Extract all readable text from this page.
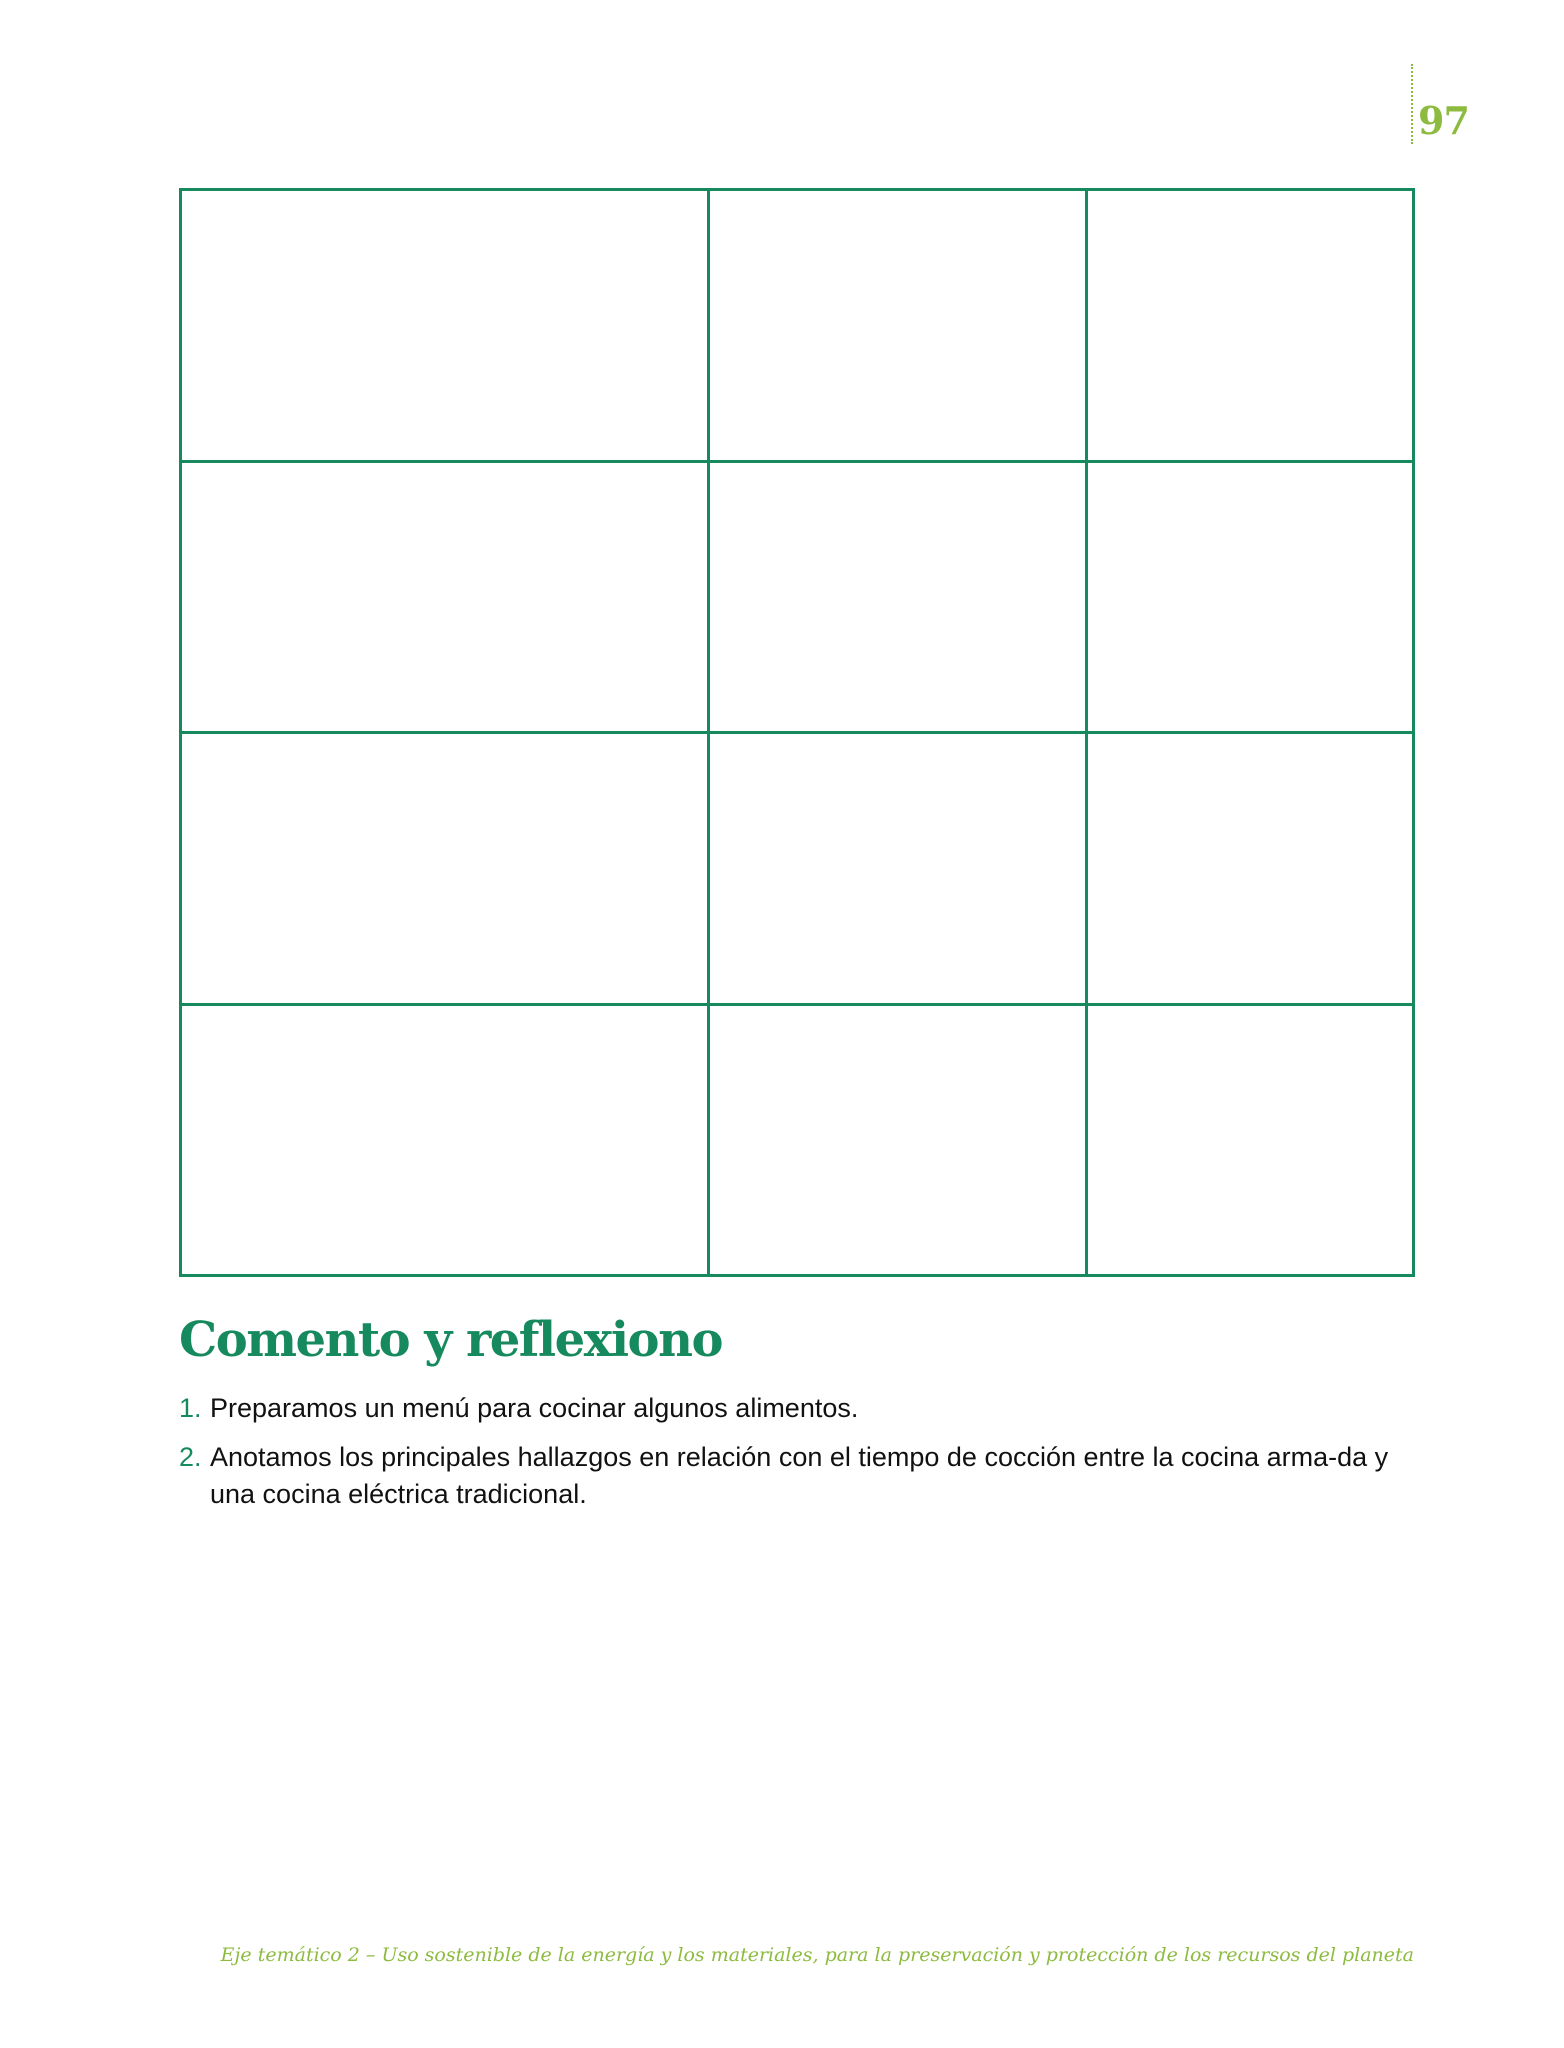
97

Comento y reflexiono
1. Preparamos un menú para cocinar algunos alimentos.
2. Anotamos los principales hallazgos en relación con el tiempo de cocción entre la cocina arma-da y una cocina eléctrica tradicional.
Eje temático 2 – Uso sostenible de la energía y los materiales, para la preservación y protección de los recursos del planeta
